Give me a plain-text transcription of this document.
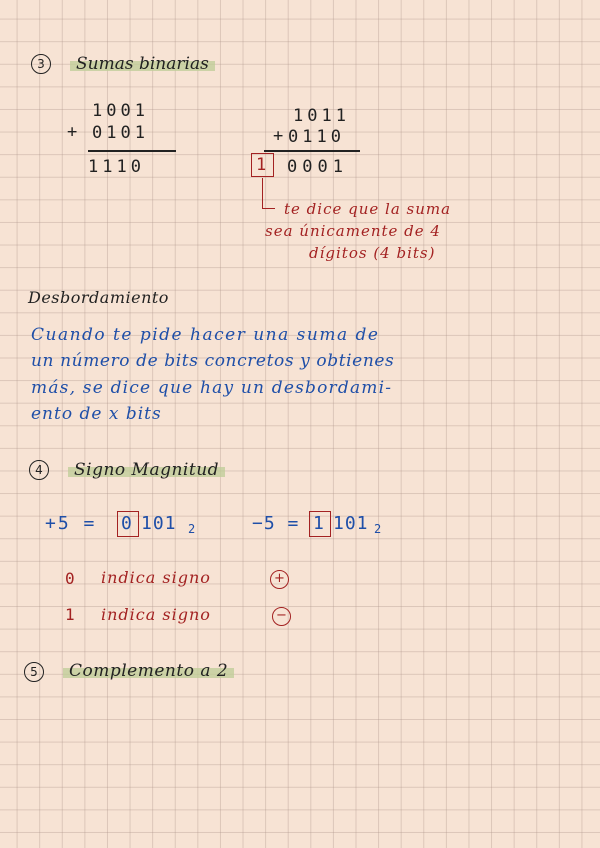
3	Sumas binarias
1001
+ 0101
1110
1011
+ 0110
1 0001
te dice que la suma
sea únicamente de 4
dígitos (4 bits)
Desbordamiento
Cuando te pide hacer una suma de
un número de bits concretos y obtienes
más, se dice que hay un desbordami-
ento de x bits
4	Signo Magnitud
+5 = 0 101 2	−5 = 1 101 2
0 indica signo	+
1 indica signo	−
5	Complemento a 2
